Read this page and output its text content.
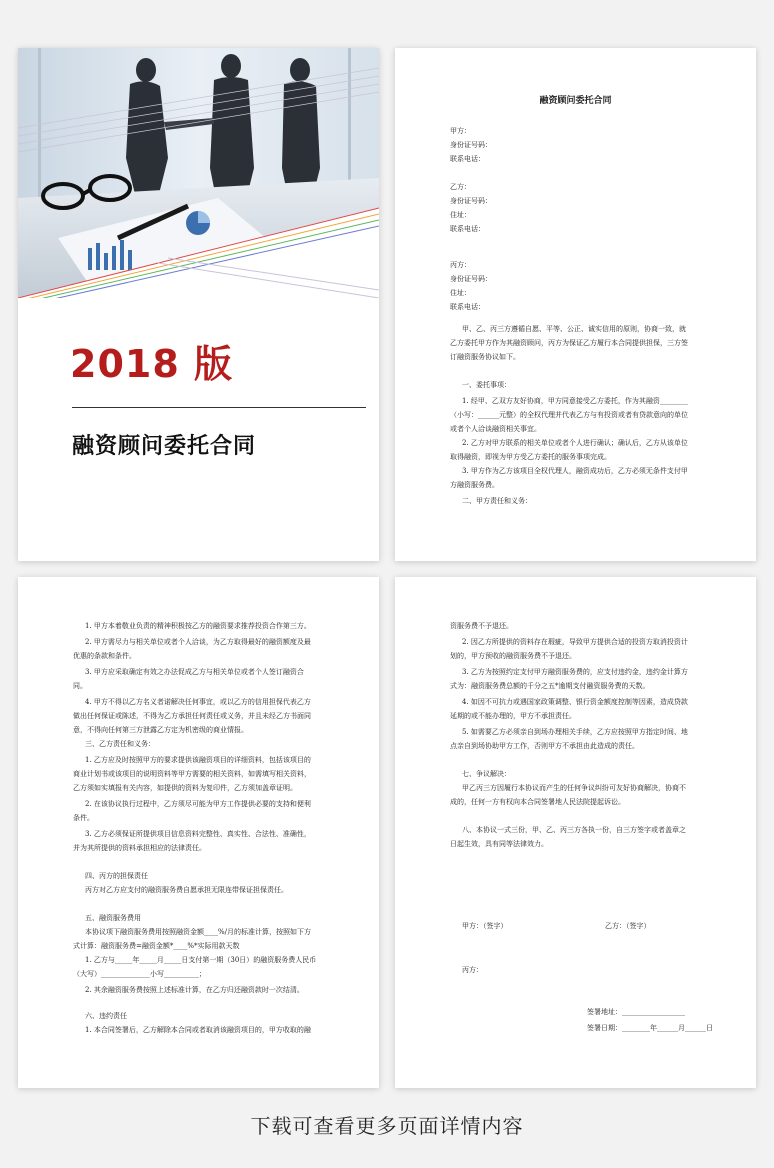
2018 版
融资顾问委托合同
融资顾问委托合同
甲方：
身份证号码：
联系电话：
乙方：
身份证号码：
住址：
联系电话：
丙方：
身份证号码：
住址：
联系电话：
甲、乙、丙三方遵循自愿、平等、公正、诚实信用的原则，协商一致，就
乙方委托甲方作为其融资顾问，丙方为保证乙方履行本合同提供担保，三方签
订融资服务协议如下。
一、委托事项：
1. 经甲、乙双方友好协商，甲方同意接受乙方委托，作为其融资________
（小写：______元整）的全权代理并代表乙方与有投资或者有贷款意向的单位
或者个人洽谈融资相关事宜。
2. 乙方对甲方联系的相关单位或者个人进行确认；确认后，乙方从该单位
取得融资，即视为甲方受乙方委托的服务事项完成。
3. 甲方作为乙方该项目全权代理人，融资成功后，乙方必须无条件支付甲
方融资服务费。
二、甲方责任和义务：
1. 甲方本着敬业负责的精神积极按乙方的融资要求推荐投资合作第三方。
2. 甲方需尽力与相关单位或者个人洽谈，为乙方取得最好的融资额度及最
优惠的条款和条件。
3. 甲方应采取确定有效之办法促成乙方与相关单位或者个人签订融资合
同。
4. 甲方不得以乙方名义者诺解决任何事宜，或以乙方的信用担保代表乙方
做出任何保证或陈述，不得为乙方承担任何责任或义务，并且未经乙方书面同
意，不得向任何第三方泄露乙方定为机密级的商业情报。
三、乙方责任和义务：
1. 乙方应及时按照甲方的要求提供该融资项目的详细资料，包括该项目的
商业计划书或该项目的说明资料等甲方需要的相关资料，如需填写相关资料，
乙方须如实填报有关内容，如提供的资料为复印件，乙方须加盖章证明。
2. 在该协议执行过程中，乙方须尽可能为甲方工作提供必要的支持和便利
条件。
3. 乙方必须保证所提供项目信息资料完整性、真实性、合法性、准确性，
并为其所提供的资料承担相应的法律责任。
四、丙方的担保责任
丙方对乙方应支付的融资服务费自愿承担无限连带保证担保责任。
五、融资服务费用
本协议项下融资服务费用按照融资金额____%/月的标准计算，按照如下方
式计算：融资服务费=融资金额*____%*实际用款天数
1. 乙方与_____年_____月_____日支付第一期（30日）的融资服务费人民币
（大写）______________小写__________；
2. 其余融资服务费按照上述标准计算，在乙方归还融资款时一次结清。
六、违约责任
1. 本合同签署后，乙方解除本合同或者取消该融资项目的，甲方收取的融
资服务费不予退还。
2. 因乙方所提供的资料存在瑕疵，导致甲方提供合适的投资方取消投资计
划的，甲方预收的融资服务费不予退还。
3. 乙方为按照约定支付甲方融资服务费的，应支付违约金，违约金计算方
式为：融资服务费总额的千分之五*逾期支付融资服务费的天数。
4. 如因不可抗力或遇国家政策调整、银行资金额度控制等因素，造成贷款
延期的或不能办理的，甲方不承担责任。
5. 如需要乙方必须亲自到场办理相关手续，乙方应按照甲方指定时间、地
点亲自到场协助甲方工作，否则甲方不承担由此造成的责任。
七、争议解决：
甲乙丙三方因履行本协议而产生的任何争议纠纷可友好协商解决，协商不
成的，任何一方有权向本合同签署地人民法院提起诉讼。
八、本协议一式三份，甲、乙、丙三方各执一份，自三方签字或者盖章之
日起生效，具有同等法律效力。
甲方：（签字）	乙方：（签字）
丙方：
签署地址：__________________
签署日期：________年______月______日
下载可查看更多页面详情内容
